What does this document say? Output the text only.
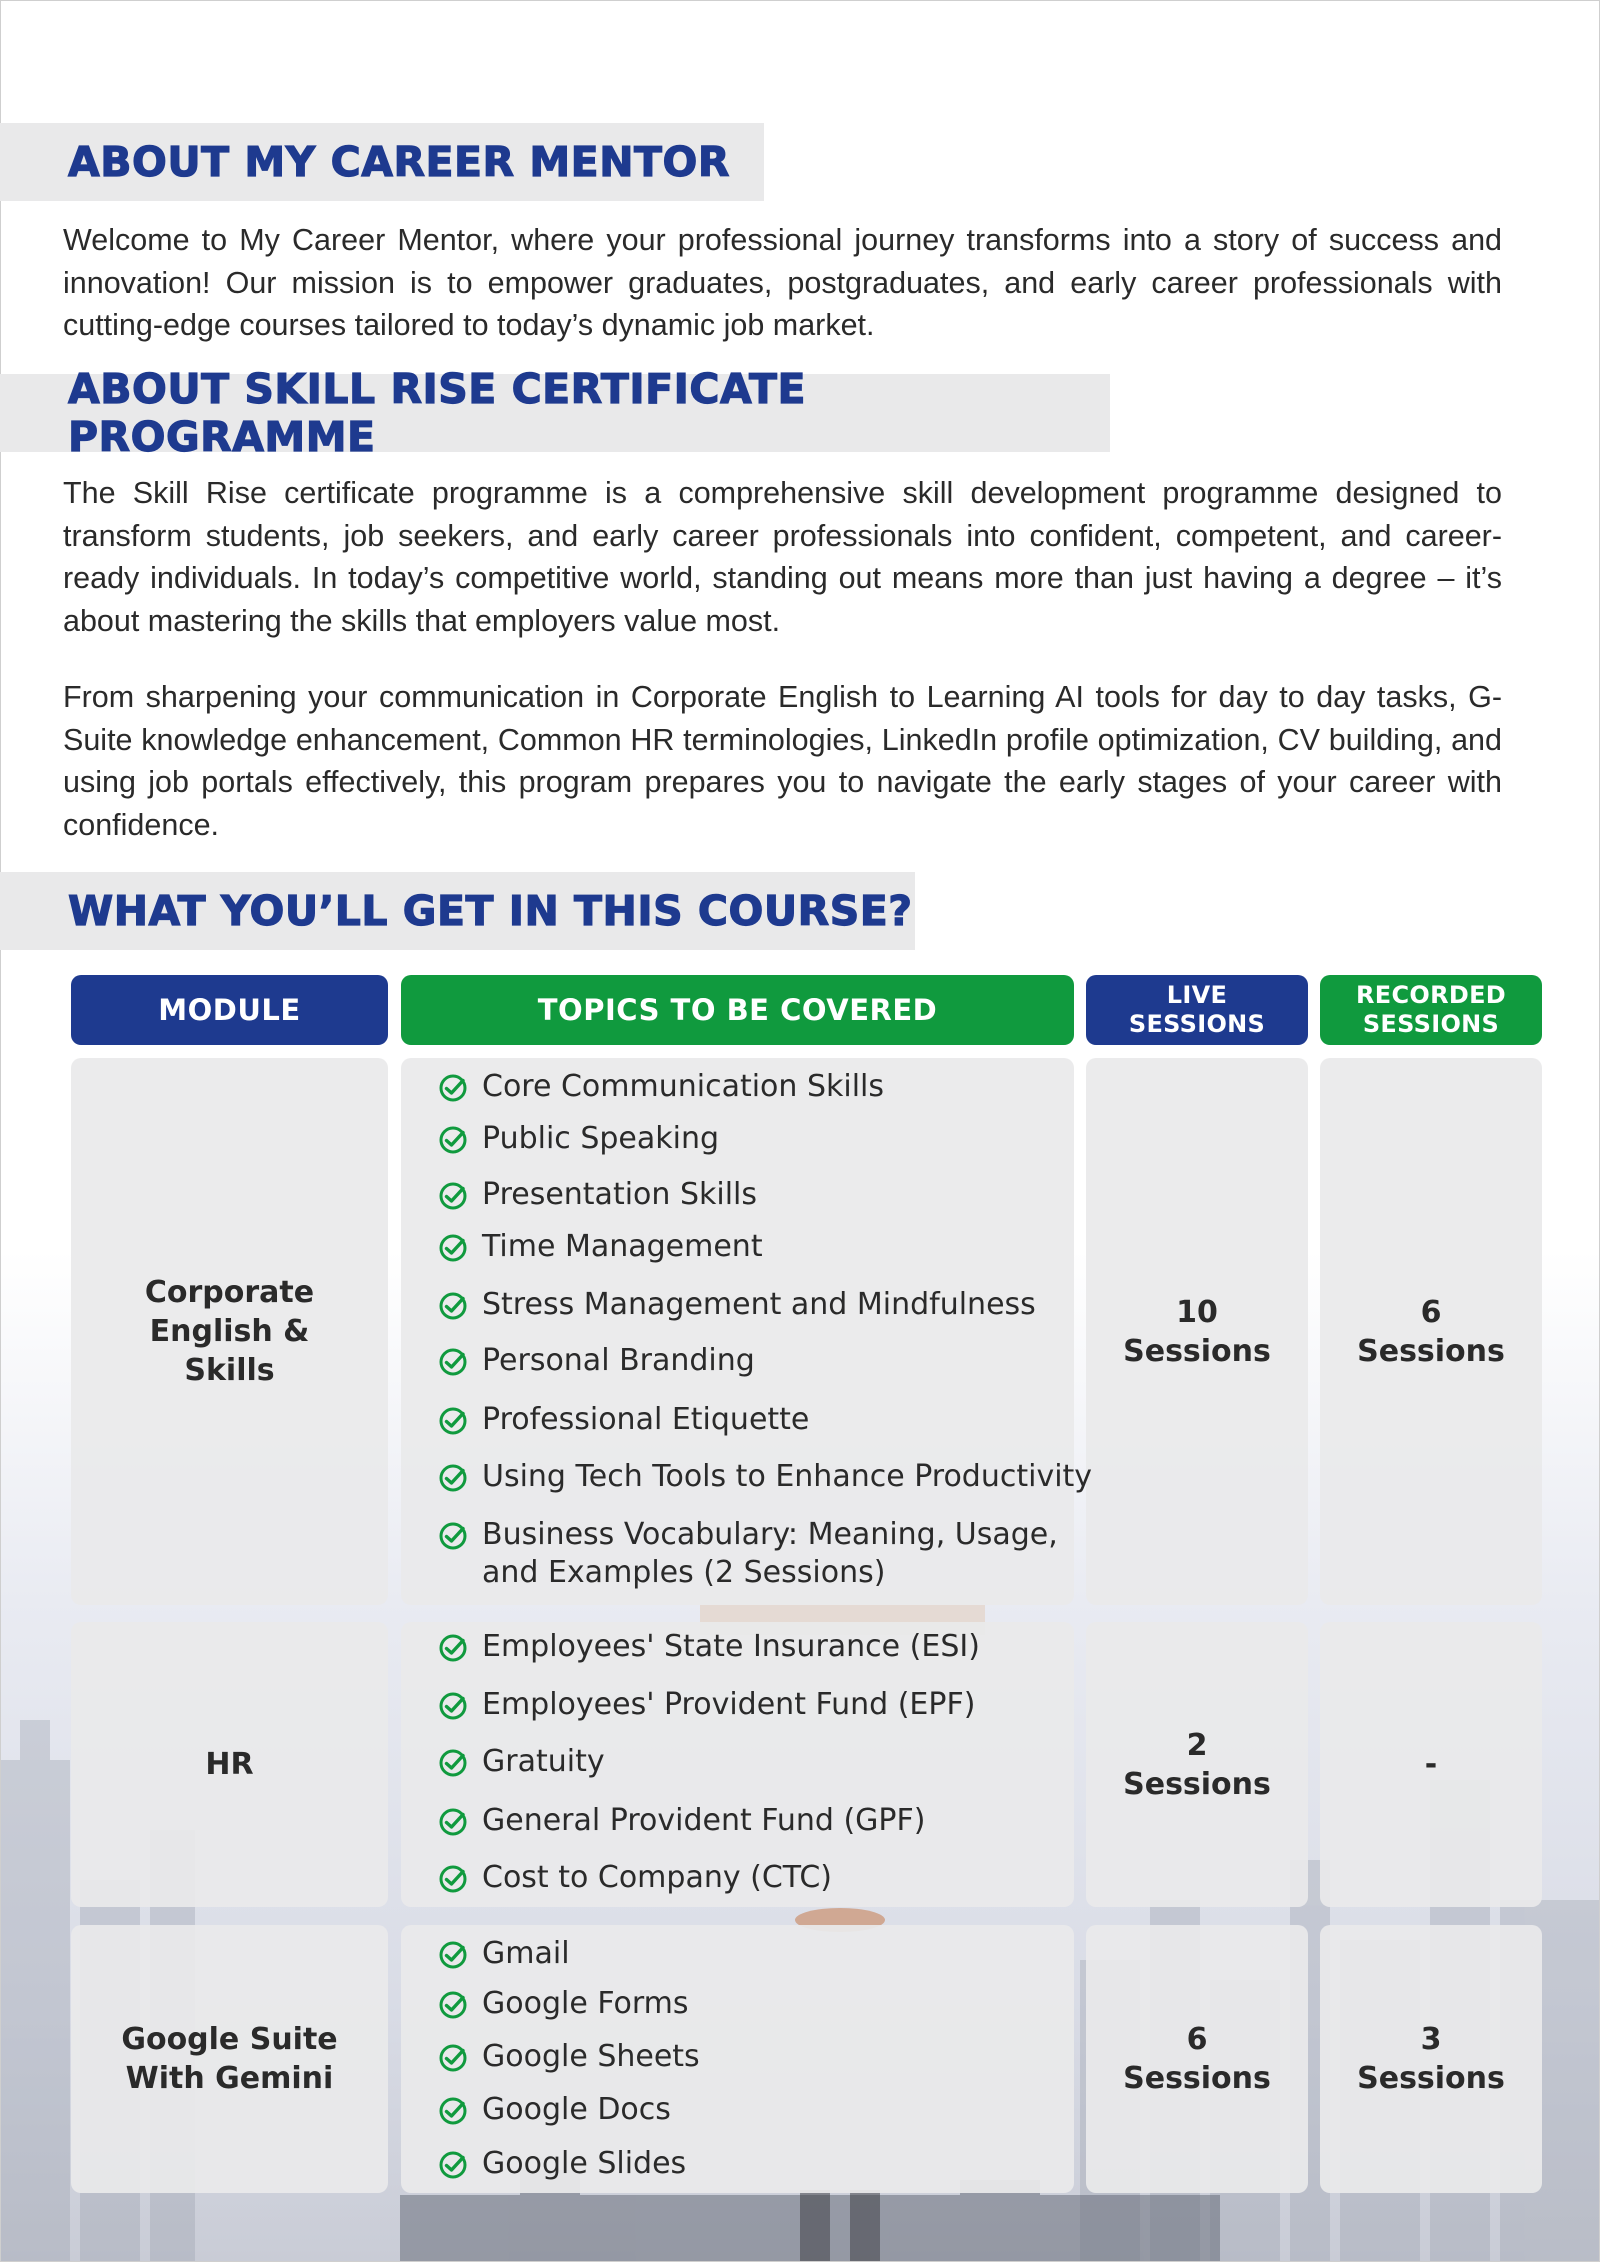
ABOUT MY CAREER MENTOR

Welcome to My Career Mentor, where your professional journey transforms into a story of success and innovation! Our mission is to empower graduates, postgraduates, and early career professionals with cutting-edge courses tailored to today’s dynamic job market.

ABOUT SKILL RISE CERTIFICATE PROGRAMME

The Skill Rise certificate programme is a comprehensive skill development programme designed to transform students, job seekers, and early career professionals into confident, competent, and career-ready individuals. In today’s competitive world, standing out means more than just having a degree – it’s about mastering the skills that employers value most.

From sharpening your communication in Corporate English to Learning AI tools for day to day tasks, G-Suite knowledge enhancement, Common HR terminologies, LinkedIn profile optimization, CV building, and using job portals effectively, this program prepares you to navigate the early stages of your career with confidence.

WHAT YOU’LL GET IN THIS COURSE?
MODULE	TOPICS TO BE COVERED	LIVE
SESSIONS
RECORDED
SESSIONS
Corporate
English &
Skills
10
Sessions
6
Sessions
HR
2
Sessions
-
Google Suite
With Gemini
6
Sessions
3
Sessions
Core Communication Skills
Public Speaking
Presentation Skills
Time Management
Stress Management and Mindfulness
Personal Branding
Professional Etiquette
Using Tech Tools to Enhance Productivity
Business Vocabulary: Meaning, Usage,
and Examples (2 Sessions)
Employees' State Insurance (ESI)
Employees' Provident Fund (EPF)
Gratuity
General Provident Fund (GPF)
Cost to Company (CTC)
Gmail
Google Forms
Google Sheets
Google Docs
Google Slides
